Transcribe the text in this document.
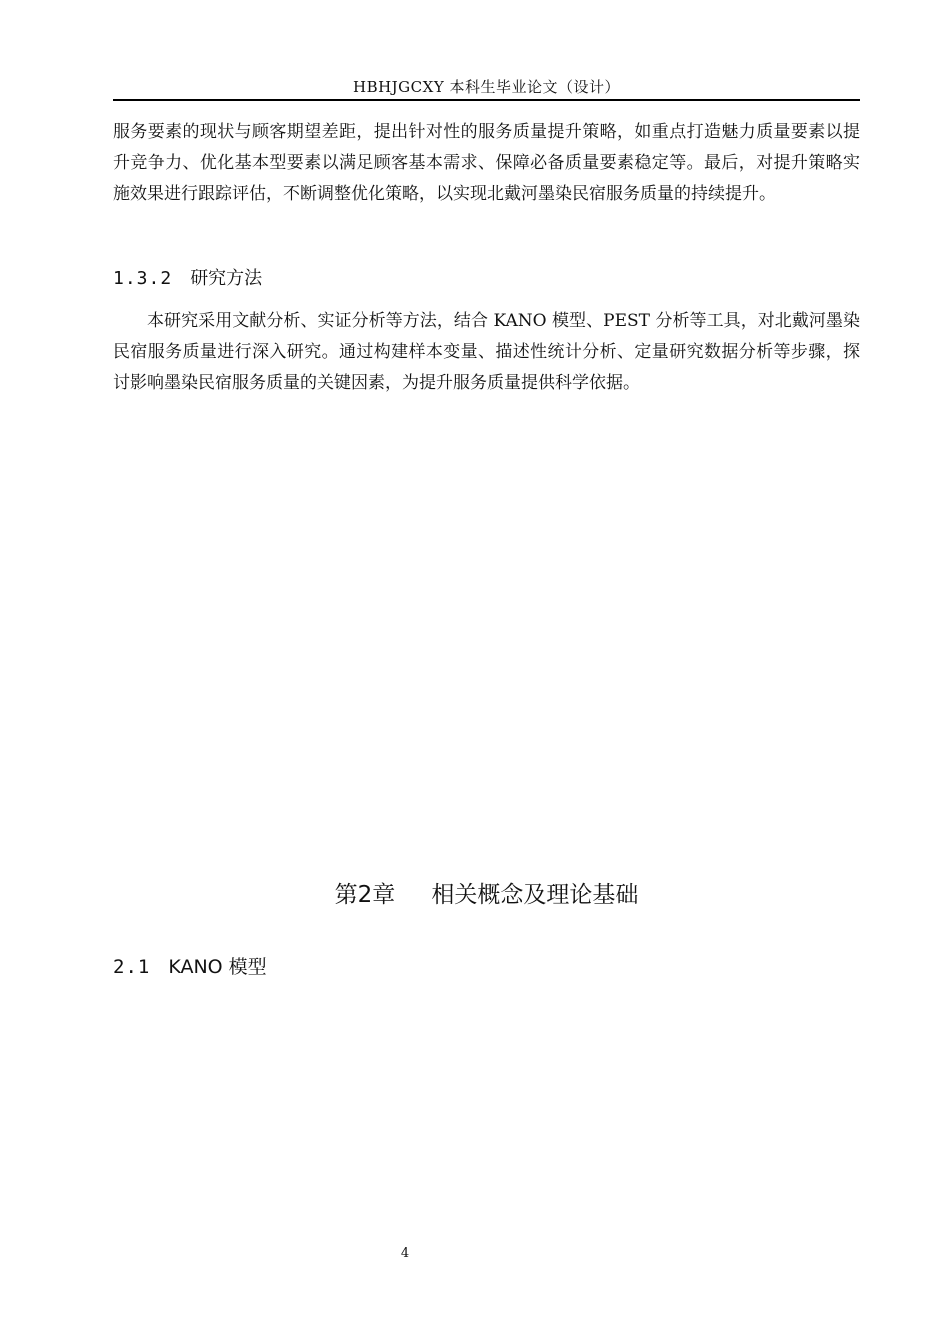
HBHJGCXY 本科生毕业论文（设计）

服务要素的现状与顾客期望差距，提出针对性的服务质量提升策略，如重点打造魅力质量要素以提升竞争力、优化基本型要素以满足顾客基本需求、保障必备质量要素稳定等。最后，对提升策略实施效果进行跟踪评估，不断调整优化策略，以实现北戴河墨染民宿服务质量的持续提升。

1.3.2 研究方法

本研究采用文献分析、实证分析等方法，结合 KANO 模型、PEST 分析等工具，对北戴河墨染民宿服务质量进行深入研究。通过构建样本变量、描述性统计分析、定量研究数据分析等步骤，探讨影响墨染民宿服务质量的关键因素，为提升服务质量提供科学依据。

第2章 相关概念及理论基础
2.1 KANO 模型
4
